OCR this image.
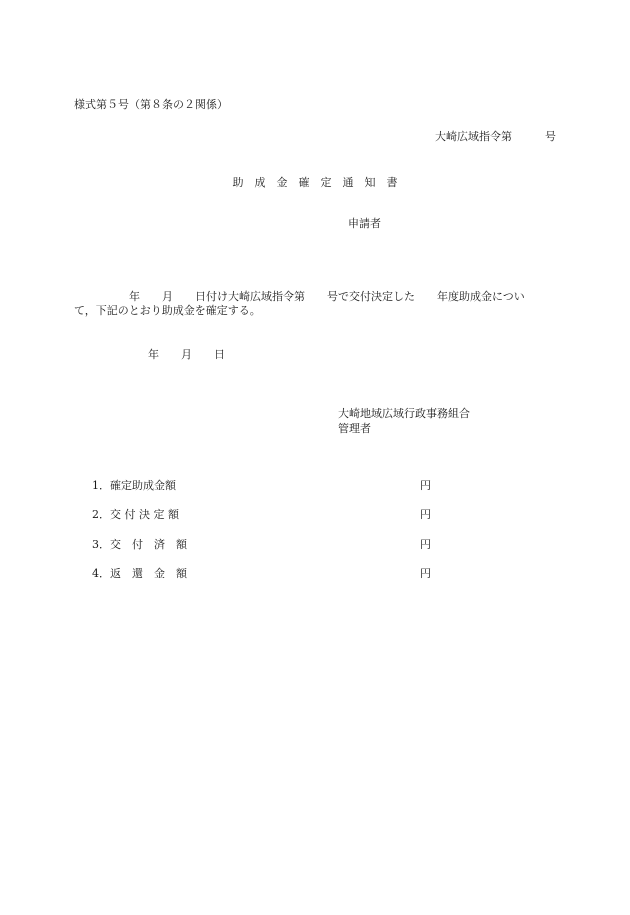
様式第５号（第８条の２関係）
大崎広域指令第　　　号
助　成　金　確　定　通　知　書
申請者
　　　　　年　　月　　日付け大崎広域指令第　　号で交付決定した　　年度助成金につい
て，下記のとおり助成金を確定する。
年　　月　　日
大崎地域広域行政事務組合
管理者
1．確定助成金額	円
2．交 付 決 定 額	円
3．交　付　済　額	円
4．返　還　金　額	円
